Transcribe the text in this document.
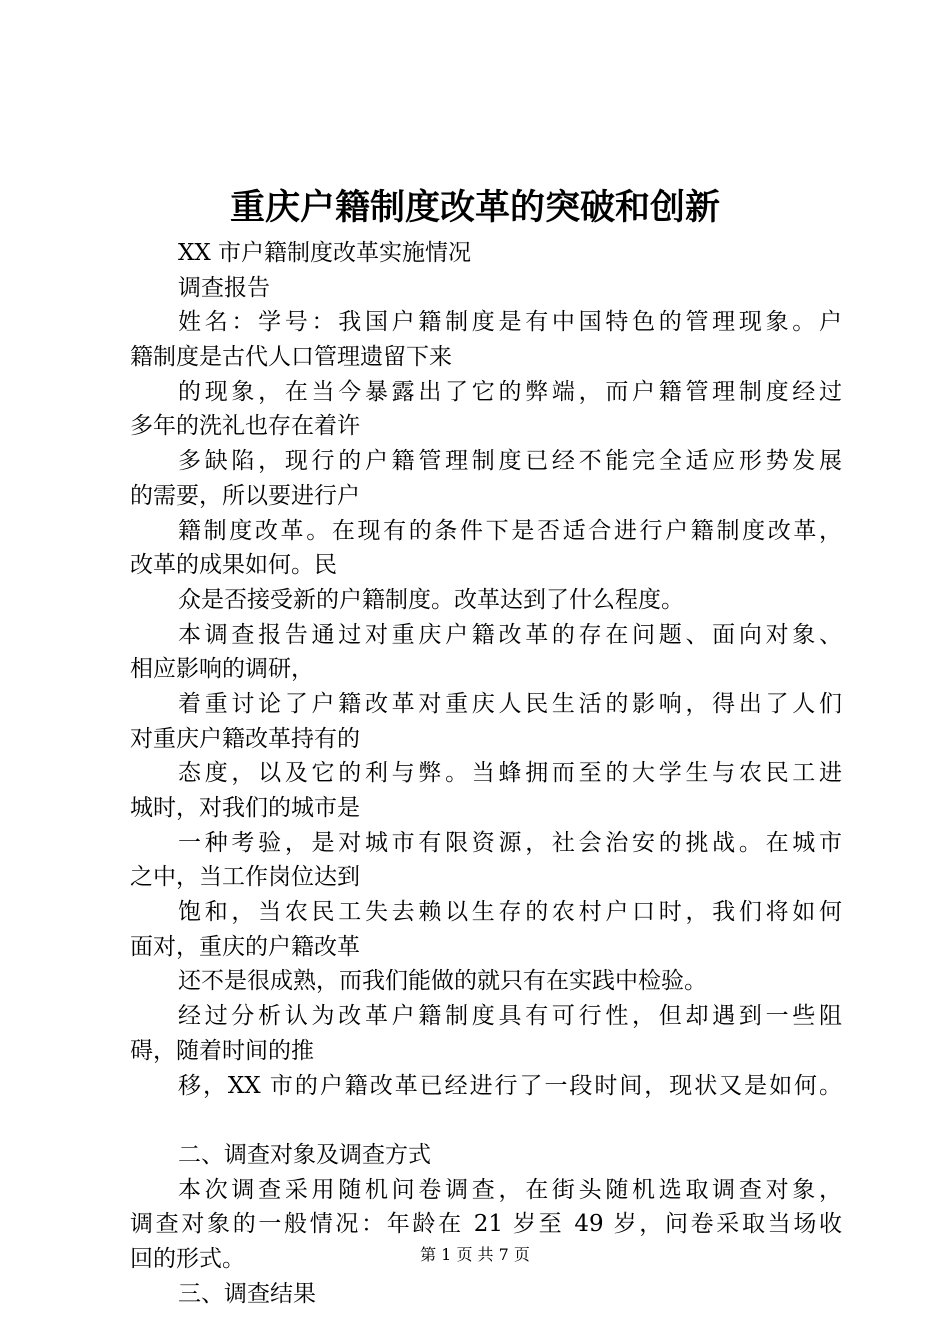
重庆户籍制度改革的突破和创新
XX 市户籍制度改革实施情况
调查报告
姓名：学号：我国户籍制度是有中国特色的管理现象。户
籍制度是古代人口管理遗留下来
的现象，在当今暴露出了它的弊端，而户籍管理制度经过
多年的洗礼也存在着许
多缺陷，现行的户籍管理制度已经不能完全适应形势发展
的需要，所以要进行户
籍制度改革。在现有的条件下是否适合进行户籍制度改革，
改革的成果如何。民
众是否接受新的户籍制度。改革达到了什么程度。
本调查报告通过对重庆户籍改革的存在问题、面向对象、
相应影响的调研，
着重讨论了户籍改革对重庆人民生活的影响，得出了人们
对重庆户籍改革持有的
态度，以及它的利与弊。当蜂拥而至的大学生与农民工进
城时，对我们的城市是
一种考验，是对城市有限资源，社会治安的挑战。在城市
之中，当工作岗位达到
饱和，当农民工失去赖以生存的农村户口时，我们将如何
面对，重庆的户籍改革
还不是很成熟，而我们能做的就只有在实践中检验。
经过分析认为改革户籍制度具有可行性，但却遇到一些阻
碍，随着时间的推
移，XX 市的户籍改革已经进行了一段时间，现状又是如何。
二、调查对象及调查方式
本次调查采用随机问卷调查，在街头随机选取调查对象，
调查对象的一般情况：年龄在 21 岁至 49 岁，问卷采取当场收
回的形式。
三、调查结果
第 1 页 共 7 页
